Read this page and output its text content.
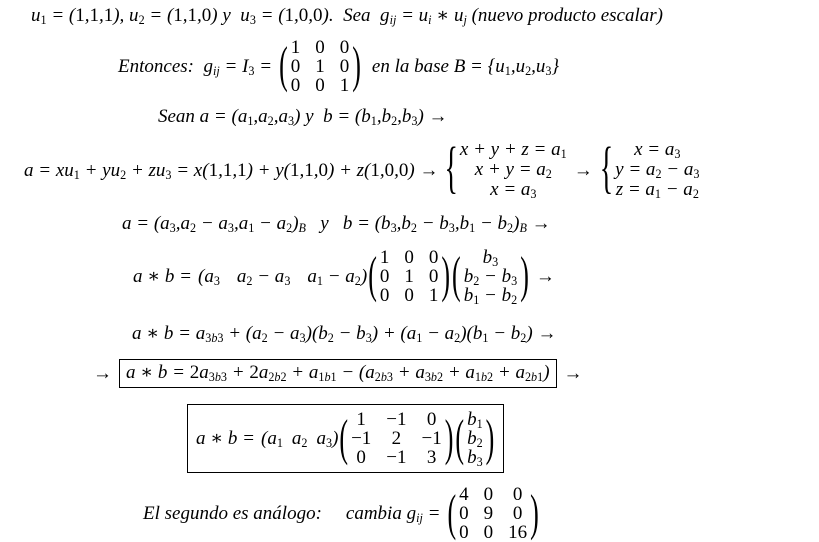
$u_1 = (1,1,1)$, $u_2 = (1,1,0)$ y $u_3 = (1,0,0)$. Sea $g_{ij} = u_i$ ∗ $u_j$ (nuevo producto escalar)
Entonces: $g_{ij} = I_3$ = ( 1 0 0
0 1 0
0 0 1 ) en la base $B = \{u_1,u_2,u_3\}$
Sean $a = (a_1,a_2,a_3)$ y $b = (b_1,b_2,b_3)$ →
$a = xu_1 + yu_2 + zu_3 = x(1,1,1) + y(1,1,0) + z(1,0,0)$ → { $x + y + z = a_1$
$x + y = a_2$
$x = a_3$
→ { $x = a_3$
$y = a_2 - a_3$
$z = a_1 - a_2$
$a = (a_3,a_2 - a_3,a_1 - a_2)_B$  y  $b = (b_3,b_2 - b_3,b_1 - b_2)_B$ →
a ∗ b = ( $a_3$ $a_2 - a_3$ $a_1 - a_2$ ) ( 1 0 0
0 1 0
0 0 1 ) ( $b_3$
$b_2 - b_3$
$b_1 - b_2$ ) →
a ∗ $b = a_{3b3} + (a_2 - a_3)(b_2 - b_3) + (a_1 - a_2)(b_1 - b_2)$ →
→ a ∗ $b = 2a_{3b3} + 2a_{2b2} + a_{1b1} - (a_{2b3} + a_{3b2} + a_{1b2} + a_{2b1})$ →
a ∗ b = ( $a_1$ $a_2$ $a_3$ ) ( 1 −1 0
−1 2 −1
0 −1 3 ) ( $b_1$
$b_2$
$b_3$ )
El segundo es análogo: cambia $g_{ij}$ = ( 4 0 0
0 9 0
0 0 16 )
